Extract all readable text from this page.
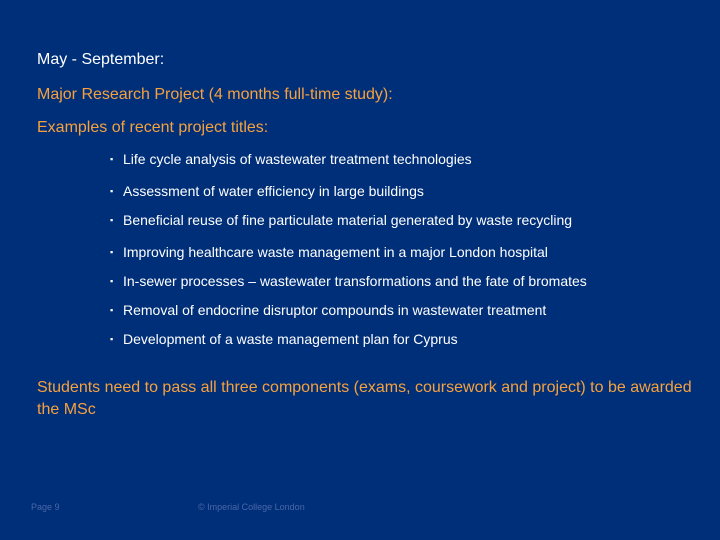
May - September:
Major Research Project (4 months full-time study):
Examples of recent project titles:
▪ Life cycle analysis of wastewater treatment technologies
▪ Assessment of water efficiency in large buildings
▪ Beneficial reuse of fine particulate material generated by waste recycling
▪ Improving healthcare waste management in a major London hospital
▪ In-sewer processes – wastewater transformations and the fate of bromates
▪ Removal of endocrine disruptor compounds in wastewater treatment
▪ Development of a waste management plan for Cyprus
Students need to pass all three components (exams, coursework and project) to be awarded the MSc
Page 9	© Imperial College London
